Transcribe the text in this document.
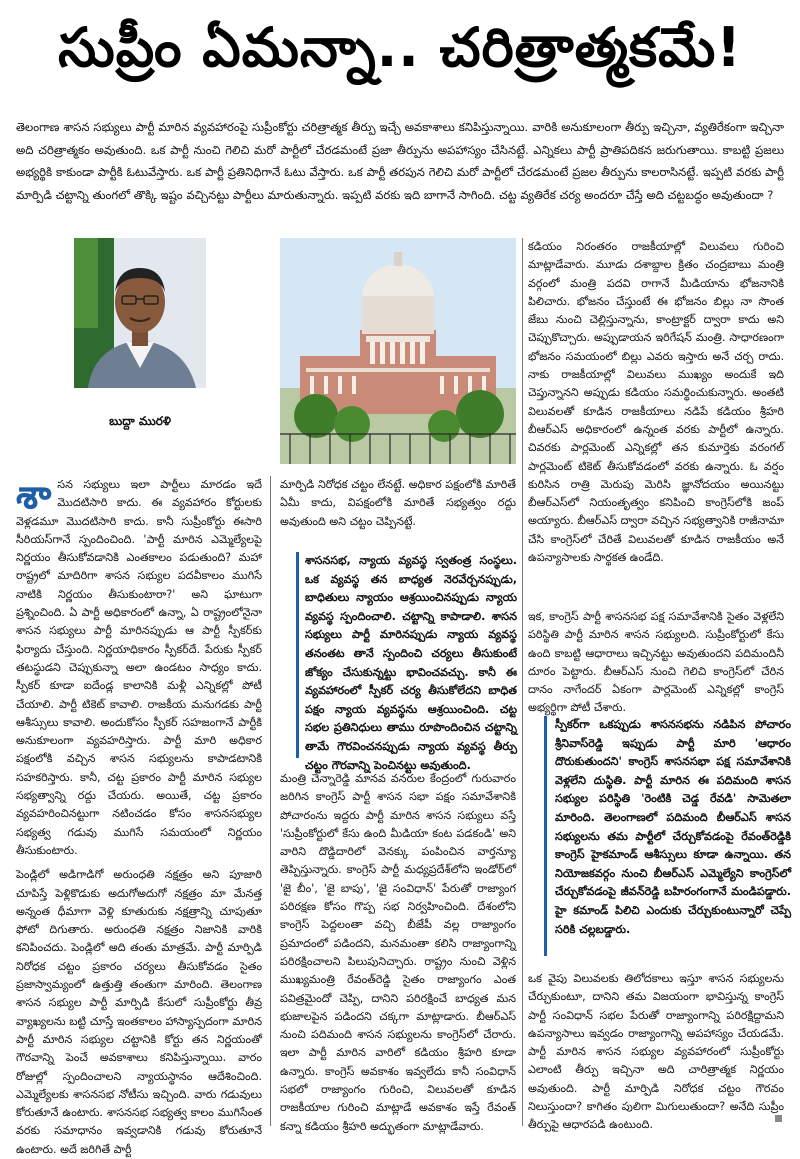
సుప్రీం ఏమన్నా.. చరిత్రాత్మకమే!
తెలంగాణ శాసన సభ్యులు పార్టీ మారిన వ్యవహారంపై సుప్రీంకోర్టు చరిత్రాత్మక తీర్పు ఇచ్చే అవకాశాలు కనిపిస్తున్నాయి. వారికి అనుకూలంగా తీర్పు ఇచ్చినా, వ్యతిరేకంగా ఇచ్చినా అది చరిత్రాత్మకం అవుతుంది. ఒక పార్టీ నుంచి గెలిచి మరో పార్టీలో చేరడమంటే ప్రజా తీర్పును అపహాస్యం చేసినట్టే. ఎన్నికలు పార్టీ ప్రాతిపదికన జరుగుతాయి. కాబట్టి ప్రజలు అభ్యర్థికి కాకుండా పార్టీకి ఓటువేస్తారు. ఒక పార్టీ ప్రతినిధిగానే ఓటు వేస్తారు. ఒక పార్టీ తరపున గెలిచి మరో పార్టీలో చేరడమంటే ప్రజల తీర్పును కాలరాసినట్టే. ఇప్పటి వరకు పార్టీ మార్పిడి చట్టాన్ని తుంగలో తొక్కి ఇష్టం వచ్చినట్టు పార్టీలు మారుతున్నారు. ఇప్పటి వరకు ఇది బాగానే సాగింది. చట్ట వ్యతిరేక చర్య అందరూ చేస్తే అది చట్టబద్ధం అవుతుందా ?
బుద్దా మురళి

శాసన సభ్యులు ఇలా పార్టీలు మారడం ఇదే మొదటిసారి కాదు. ఈ వ్యవహారం కోర్టులకు వెళ్లడమూ మొదటిసారి కాదు. కానీ సుప్రీంకోర్టు ఈసారి సీరియస్‌గానే స్పందించింది. 'పార్టీ మారిన ఎమ్మెల్యేలపై నిర్ణయం తీసుకోవడానికి ఎంతకాలం పడుతుంది? మహా రాష్ట్రలో మాదిరిగా శాసన సభ్యుల పదవీకాలం ముగిసే నాటికి నిర్ణయం తీసుకుంటారా?' అని ఘాటుగా ప్రశ్నించింది. ఏ పార్టీ అధికారంలో ఉన్నా, ఏ రాష్ట్రంలోనైనా శాసన సభ్యులు పార్టీ మారినప్పుడు ఆ పార్టీ స్పీకర్‌కు ఫిర్యాదు చేస్తుంది. నిర్ణయాధికారం స్పీకర్‌దే. పేరుకు స్పీకర్ తటస్థుడని చెప్పుకున్నా అలా ఉండటం సాధ్యం కాదు. స్పీకర్ కూడా ఐదేండ్ల కాలానికి మళ్లీ ఎన్నికల్లో పోటీ చేయాలి. పార్టీ టికెట్ కావాలి. రాజకీయ మనుగడకు పార్టీ ఆశీస్సులు కావాలి. అందుకోసం స్పీకర్ సహజంగానే పార్టీకి అనుకూలంగా వ్యవహరిస్తారు. పార్టీ మారి అధికార పక్షంలోకి వచ్చిన శాసన సభ్యులను కాపాడటానికి సహకరిస్తారు. కానీ, చట్ట ప్రకారం పార్టీ మారిన సభ్యుల సభ్యత్వాన్ని రద్దు చేయరు. అయితే, చట్ట ప్రకారం వ్యవహరించినట్టుగా నటించడం కోసం శాసనసభ్యుల సభ్యత్వ గడువు ముగిసే సమయంలో నిర్ణయం తీసుకుంటారు.

పెండ్లిలో అడిగాడిగో అరుంధతి నక్షత్రం అని పూజారి చూపిస్తే పెళ్లికొడుకు అదుగోఅదుగో నక్షత్రం మా మేనత్త అన్నంత ధీమాగా వెళ్లి కూతురుకు నక్షత్రాన్ని చూపుతూ ఫోటో దిగుతారు. అరుంధతి నక్షత్రం నిజానికి వారికి కనిపించదు. పెండ్లిలో అది తంతు మాత్రమే. పార్టీ మార్పిడి నిరోధక చట్టం ప్రకారం చర్యలు తీసుకోవడం సైతం ప్రజాస్వామ్యంలో ఉత్తుత్తి తంతుగా మారింది. తెలంగాణ శాసన సభ్యుల పార్టీ మార్పిడి కేసులో సుప్రీంకోర్టు తీవ్ర వ్యాఖ్యలను బట్టి చూస్తే ఇంతకాలం హాస్యాస్పదంగా మారిన పార్టీ మారిన సభ్యుల చట్టానికి కోర్టు తన నిర్ణయంతో గౌరవాన్ని పెంచే అవకాశాలు కనిపిస్తున్నాయి. వారం రోజుల్లో స్పందించాలని న్యాయస్థానం ఆదేశించింది. ఎమ్మెల్యేలకు శాసనసభ నోటీసు ఇచ్చింది. వారు గడువులు కోరుతూనే ఉంటారు. శాసనసభ సభ్యత్వ కాలం ముగిసేంత వరకు సమాధానం ఇవ్వడానికి గడువు కోరుతూనే ఉంటారు. అదే జరిగితే పార్టీ

మార్పిడి నిరోధక చట్టం లేనట్టే. అధికార పక్షంలోకి మారితే ఏమీ కాదు, విపక్షంలోకి మారితే సభ్యత్వం రద్దు అవుతుంది అని చట్టం చెప్పినట్టే.
శాసనసభ, న్యాయ వ్యవస్థ స్వతంత్ర సంస్థలు. ఒక వ్యవస్థ తన బాధ్యత నెరవేర్చనప్పుడు, బాధితులు న్యాయం ఆశ్రయించినప్పుడు న్యాయ వ్యవస్థ స్పందించాలి. చట్టాన్ని కాపాడాలి. శాసన సభ్యులు పార్టీ మారినప్పుడు న్యాయ వ్యవస్థ తనంతట తానే స్పందించి చర్యలు తీసుకుంటే జోక్యం చేసుకున్నట్టు భావించవచ్చు. కానీ ఈ వ్యవహారంలో స్పీకర్ చర్య తీసుకోలేదని బాధిత పక్షం న్యాయ వ్యవస్థను ఆశ్రయించింది. చట్ట సభల ప్రతినిధులు తాము రూపొందించిన చట్టాన్ని తామే గౌరవించనప్పుడు న్యాయ వ్యవస్థ తీర్పు చట్టం గౌరవాన్ని పెంచినట్టు అవుతుంది.
మంత్రి చెన్నారెడ్డి మానవ వనరుల కేంద్రంలో గురువారం జరిగిన కాంగ్రెస్ పార్టీ శాసన సభా పక్షం సమావేశానికి పోచారంను ఇద్దరు పార్టీ మారిన శాసన సభ్యులు వస్తే 'సుప్రీంకోర్టులో కేసు ఉంది మీడియా కంట పడకండి' అని వారిని దొడ్డిదారిలో వెనక్కు పంపించిన వార్తన్యూ తెప్పిస్తున్నారు. కాంగ్రెస్ పార్టీ మధ్యప్రదేశ్‌లోని ఇండోర్‌లో 'జై బీం', 'జై బాపు', 'జై సంవిధాన్' పేరుతో రాజ్యాంగ పరిరక్షణ కోసం గొప్ప సభ నిర్వహించింది. దేశంలోని కాంగ్రెస్ పెద్దలంతా వచ్చి బీజేపీ వల్ల రాజ్యాంగం ప్రమాదంలో పడిందని, మనమంతా కలిసి రాజ్యాంగాన్ని పరిరక్షించాలని పిలుపునిచ్చారు. రాష్ట్రం నుంచి వెళ్లిన ముఖ్యమంత్రి రేవంత్‌రెడ్డి సైతం రాజ్యాంగం ఎంత పవిత్రమైందో చెప్పి, దానిని పరిరక్షించే బాధ్యత మన భుజాలపైన పడిందని చక్కగా మాట్లాడారు. బీఆర్ఎస్ నుంచి పదిమంది శాసన సభ్యులను కాంగ్రెస్‌లో చేరారు. ఇలా పార్టీ మారిన వారిలో కడియం శ్రీహరి కూడా ఉన్నారు. కాంగ్రెస్ అవకాశం ఇవ్వలేదు కానీ సంవిధాన్ సభలో రాజ్యాంగం గురించి, విలువలతో కూడిన రాజకీయాల గురించి మాట్లాడే అవకాశం ఇస్తే రేవంత్ కన్నా కడియం శ్రీహరి అద్భుతంగా మాట్లాడేవారు.
కడియం నిరంతరం రాజకీయాల్లో విలువలు గురించి మాట్లాడేవారు. మూడు దశాబ్దాల క్రితం చంద్రబాబు మంత్రి వర్గంలో మంత్రి పదవి రాగానే మీడియాను భోజనానికి పిలిచారు. భోజనం చేస్తుంటే ఈ భోజనం బిల్లు నా సొంత జేబు నుంచి చెల్లిస్తున్నాను, కాంట్రాక్టర్ ద్వారా కాదు అని చెప్పుకొచ్చారు. అప్పుడాయన ఇరిగేషన్ మంత్రి. సాధారణంగా భోజనం సమయంలో బిల్లు ఎవరు ఇస్తారు అనే చర్చ రాదు. నాకు రాజకీయాల్లో విలువలు ముఖ్యం అందుకే ఇది చెప్తున్నానని అప్పుడు కడియం సమర్థించుకున్నారు. అంతటి విలువలతో కూడిన రాజకీయాలు నడిపే కడియం శ్రీహరి బీఆర్ఎస్ అధికారంలో ఉన్నంత వరకు పార్టీలో ఉన్నారు. చివరకు పార్లమెంట్ ఎన్నికల్లో తన కుమార్తెకు వరంగల్ పార్లమెంట్ టికెట్ తీసుకోవడంలో వరకు ఉన్నారు. ఓ వర్షం కురిసిన రాత్రి మెరుపు మెరిసి జ్ఞానోదయం అయినట్టు బీఆర్ఎస్‌లో నియంతృత్వం కనిపించి కాంగ్రెస్‌లోకి జంప్ అయ్యారు. బీఆర్ఎస్ ద్వారా వచ్చిన సభ్యత్వానికి రాజీనామా చేసి కాంగ్రెస్‌లో చేరితే విలువలతో కూడిన రాజకీయం అనే ఉపన్యాసాలకు సార్థకత ఉండేది.
ఇక, కాంగ్రెస్ పార్టీ శాసనసభ పక్ష సమావేశానికి సైతం వెళ్లలేని పరిస్థితి పార్టీ మారిన శాసన సభ్యులది. సుప్రీంకోర్టులో కేసు ఉంది కాబట్టి ఆధారాలు ఇచ్చినట్టు అవుతుందని పదిమందినీ దూరం పెట్టారు. బీఆర్ఎస్ నుంచి గెలిచి కాంగ్రెస్‌లో చేరిన దానం నాగేందర్ ఏకంగా పార్లమెంట్ ఎన్నికల్లో కాంగ్రెస్ అభ్యర్థిగా పోటీ చేశారు.
స్పీకర్‌గా ఒకప్పుడు శాసనసభను నడిపిన పోచారం శ్రీనివాస్‌రెడ్డి ఇప్పుడు పార్టీ మారి 'ఆధారం దొరుకుతుందని' కాంగ్రెస్ శాసనసభా పక్ష సమావేశానికి వెళ్లలేని దుస్థితి. పార్టీ మారిన ఈ పదిమంది శాసన సభ్యుల పరిస్థితి 'రెంటికి చెడ్డ రేవడి' సామెతలా మారింది. తెలంగాణలో పదిమంది బీఆర్ఎస్ శాసన సభ్యులను తమ పార్టీలో చేర్చుకోవడంపై రేవంత్‌రెడ్డికి కాంగ్రెస్ హైకమాండ్ ఆశీస్సులు కూడా ఉన్నాయి. తన నియోజకవర్గం నుంచి బీఆర్ఎస్ ఎమ్మెల్యేని కాంగ్రెస్‌లో చేర్చుకోవడంపై జీవన్‌రెడ్డి బహిరంగంగానే మండిపడ్డారు. హై కమాండ్ పిలిచి ఎందుకు చేర్చుకుంటున్నారో చెప్పే సరికి చల్లబడ్డారు.
ఒక వైపు విలువలకు తిలోదకాలు ఇస్తూ శాసన సభ్యులను చేర్చుకుంటూ, దానిని తమ విజయంగా భావిస్తున్న కాంగ్రెస్ పార్టీ సంవిధాన్ సభల పేరుతో రాజ్యాంగాన్ని పరిరక్షిద్దామని ఉపన్యాసాలు ఇవ్వడం రాజ్యాంగాన్ని అపహాస్యం చేయడమే. పార్టీ మారిన శాసన సభ్యుల వ్యవహారంలో సుప్రీంకోర్టు ఎలాంటి తీర్పు ఇచ్చినా అది చారిత్రాత్మక నిర్ణయం అవుతుంది. పార్టీ మార్పిడి నిరోధక చట్టం గౌరవం నిలుస్తుందా? కాగితం పులిగా మిగులుతుందా? అనేది సుప్రీం తీర్పుపై ఆధారపడి ఉంటుంది.
